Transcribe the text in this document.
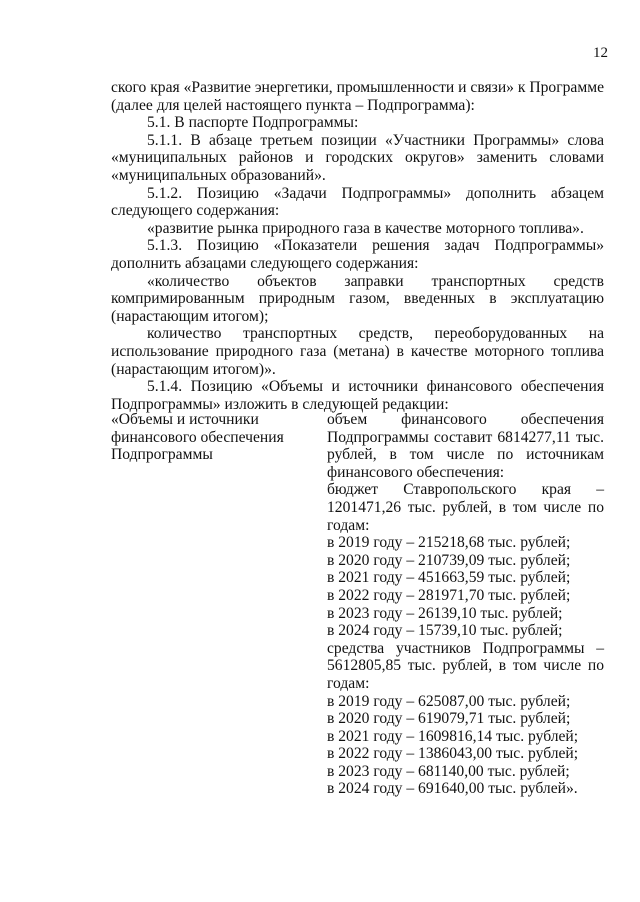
12

ского края «Развитие энергетики, промышленности и связи» к Программе (далее для целей настоящего пункта – Подпрограмма):

5.1. В паспорте Подпрограммы:

5.1.1. В абзаце третьем позиции «Участники Программы» слова «муниципальных районов и городских округов» заменить словами «муниципальных образований».

5.1.2. Позицию «Задачи Подпрограммы» дополнить абзацем следующего содержания:

«развитие рынка природного газа в качестве моторного топлива».

5.1.3. Позицию «Показатели решения задач Подпрограммы» дополнить абзацами следующего содержания:

«количество объектов заправки транспортных средств компримированным природным газом, введенных в эксплуатацию (нарастающим итогом);

количество транспортных средств, переоборудованных на использование природного газа (метана) в качестве моторного топлива (нарастающим итогом)».

5.1.4. Позицию «Объемы и источники финансового обеспечения Подпрограммы» изложить в следующей редакции:

«Объемы и источники финансового обеспечения Подпрограммы

объем финансового обеспечения Подпрограммы составит 6814277,11 тыс. рублей, в том числе по источникам финансового обеспечения:

бюджет Ставропольского края – 1201471,26 тыс. рублей, в том числе по годам:

в 2019 году – 215218,68 тыс. рублей;

в 2020 году – 210739,09 тыс. рублей;

в 2021 году – 451663,59 тыс. рублей;

в 2022 году – 281971,70 тыс. рублей;

в 2023 году – 26139,10 тыс. рублей;

в 2024 году – 15739,10 тыс. рублей;

средства участников Подпрограммы – 5612805,85 тыс. рублей, в том числе по годам:

в 2019 году – 625087,00 тыс. рублей;

в 2020 году – 619079,71 тыс. рублей;

в 2021 году – 1609816,14 тыс. рублей;

в 2022 году – 1386043,00 тыс. рублей;

в 2023 году – 681140,00 тыс. рублей;

в 2024 году – 691640,00 тыс. рублей».
